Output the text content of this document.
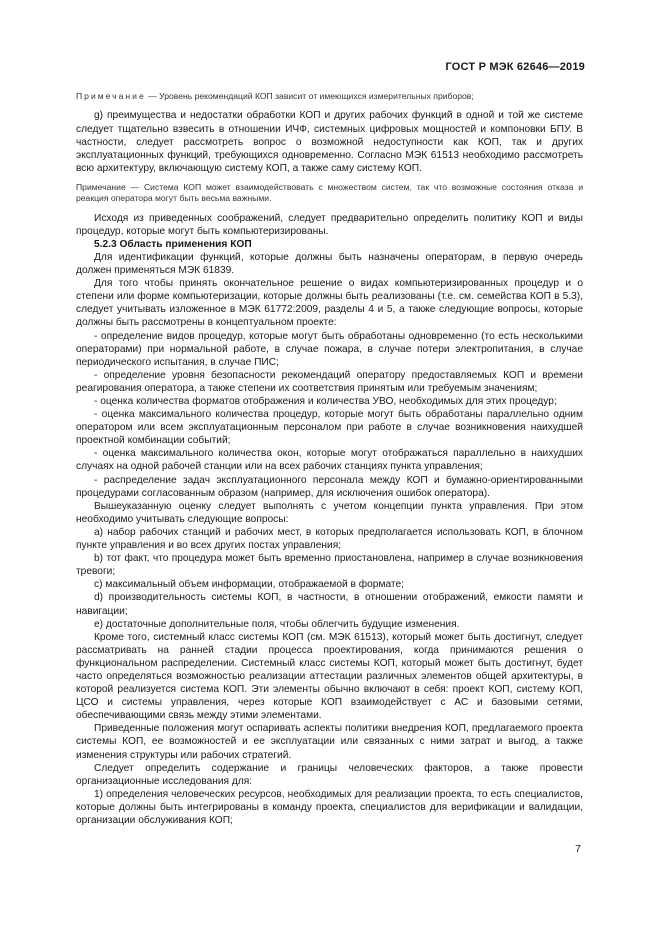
ГОСТ Р МЭК 62646—2019

Примечание — Уровень рекомендаций КОП зависит от имеющихся измерительных приборов;

g) преимущества и недостатки обработки КОП и других рабочих функций в одной и той же системе следует тщательно взвесить в отношении ИЧФ, системных цифровых мощностей и компоновки БПУ. В частности, следует рассмотреть вопрос о возможной недоступности как КОП, так и других эксплуатационных функций, требующихся одновременно. Согласно МЭК 61513 необходимо рассмотреть всю архитектуру, включающую систему КОП, а также саму систему КОП.

Примечание — Система КОП может взаимодействовать с множеством систем, так что возможные состояния отказа и реакция оператора могут быть весьма важными.

Исходя из приведенных соображений, следует предварительно определить политику КОП и виды процедур, которые могут быть компьютеризированы.

5.2.3 Область применения КОП

Для идентификации функций, которые должны быть назначены операторам, в первую очередь должен применяться МЭК 61839.

Для того чтобы принять окончательное решение о видах компьютеризированных процедур и о степени или форме компьютеризации, которые должны быть реализованы (т.е. см. семейства КОП в 5.3), следует учитывать изложенное в МЭК 61772:2009, разделы 4 и 5, а также следующие вопросы, которые должны быть рассмотрены в концептуальном проекте:

- определение видов процедур, которые могут быть обработаны одновременно (то есть несколькими операторами) при нормальной работе, в случае пожара, в случае потери электропитания, в случае периодического испытания, в случае ПИС;

- определение уровня безопасности рекомендаций оператору предоставляемых КОП и времени реагирования оператора, а также степени их соответствия принятым или требуемым значениям;

- оценка количества форматов отображения и количества УВО, необходимых для этих процедур;

- оценка максимального количества процедур, которые могут быть обработаны параллельно одним оператором или всем эксплуатационным персоналом при работе в случае возникновения наихудшей проектной комбинации событий;

- оценка максимального количества окон, которые могут отображаться параллельно в наихудших случаях на одной рабочей станции или на всех рабочих станциях пункта управления;

- распределение задач эксплуатационного персонала между КОП и бумажно-ориентированными процедурами согласованным образом (например, для исключения ошибок оператора).

Вышеуказанную оценку следует выполнять с учетом концепции пункта управления. При этом необходимо учитывать следующие вопросы:

а) набор рабочих станций и рабочих мест, в которых предполагается использовать КОП, в блочном пункте управления и во всех других постах управления;

b) тот факт, что процедура может быть временно приостановлена, например в случае возникновения тревоги;

c) максимальный объем информации, отображаемой в формате;

d) производительность системы КОП, в частности, в отношении отображений, емкости памяти и навигации;

e) достаточные дополнительные поля, чтобы облегчить будущие изменения.

Кроме того, системный класс системы КОП (см. МЭК 61513), который может быть достигнут, следует рассматривать на ранней стадии процесса проектирования, когда принимаются решения о функциональном распределении. Системный класс системы КОП, который может быть достигнут, будет часто определяться возможностью реализации аттестации различных элементов общей архитектуры, в которой реализуется система КОП. Эти элементы обычно включают в себя: проект КОП, систему КОП, ЦСО и системы управления, через которые КОП взаимодействует с АС и базовыми сетями, обеспечивающими связь между этими элементами.

Приведенные положения могут оспаривать аспекты политики внедрения КОП, предлагаемого проекта системы КОП, ее возможностей и ее эксплуатации или связанных с ними затрат и выгод, а также изменения структуры или рабочих стратегий.

Следует определить содержание и границы человеческих факторов, а также провести организационные исследования для:

1) определения человеческих ресурсов, необходимых для реализации проекта, то есть специалистов, которые должны быть интегрированы в команду проекта, специалистов для верификации и валидации, организации обслуживания КОП;

7
